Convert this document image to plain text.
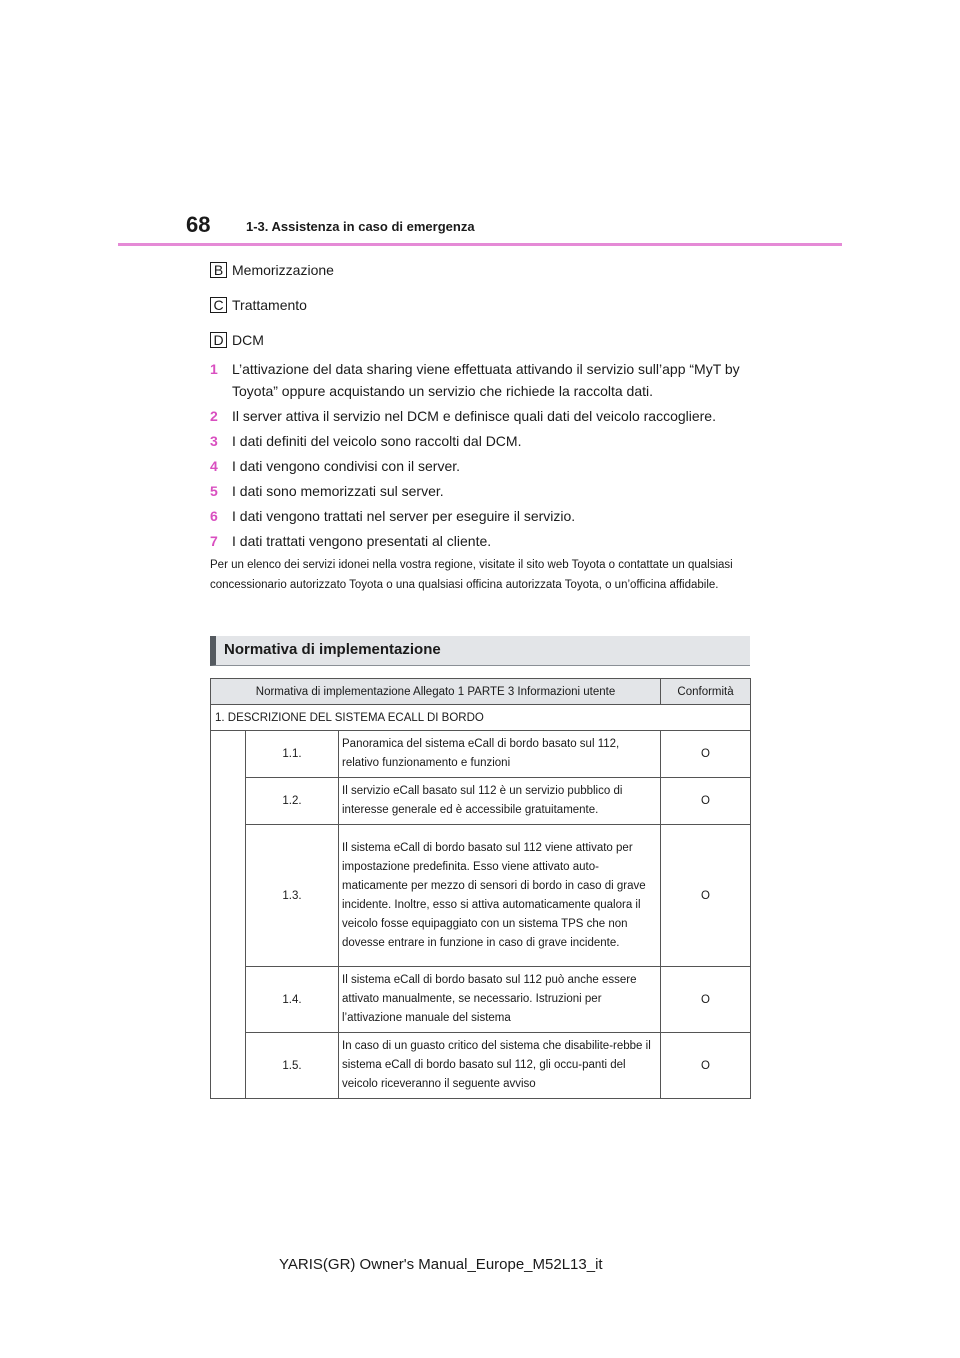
68	1-3. Assistenza in caso di emergenza
B Memorizzazione
C Trattamento
D DCM
1 L’attivazione del data sharing viene effettuata attivando il servizio sull’app “MyT by Toyota” oppure acquistando un servizio che richiede la raccolta dati.
2 Il server attiva il servizio nel DCM e definisce quali dati del veicolo raccogliere.
3 I dati definiti del veicolo sono raccolti dal DCM.
4 I dati vengono condivisi con il server.
5 I dati sono memorizzati sul server.
6 I dati vengono trattati nel server per eseguire il servizio.
7 I dati trattati vengono presentati al cliente.

Per un elenco dei servizi idonei nella vostra regione, visitate il sito web Toyota o contattate un qualsiasi concessionario autorizzato Toyota o una qualsiasi officina autorizzata Toyota, o un’officina affidabile.

Normativa di implementazione
Normativa di implementazione Allegato 1 PARTE 3 Informazioni utente			Conformità
1. DESCRIZIONE DEL SISTEMA ECALL DI BORDO			
	1.1.	Panoramica del sistema eCall di bordo basato sul 112, relativo funzionamento e funzioni	O
	1.2.	Il servizio eCall basato sul 112 è un servizio pubblico di interesse generale ed è accessibile gratuitamente.	O
	1.3.	Il sistema eCall di bordo basato sul 112 viene attivato per impostazione predefinita. Esso viene attivato auto-maticamente per mezzo di sensori di bordo in caso di grave incidente. Inoltre, esso si attiva automaticamente qualora il veicolo fosse equipaggiato con un sistema TPS che non dovesse entrare in funzione in caso di grave incidente.	O
	1.4.	Il sistema eCall di bordo basato sul 112 può anche essere attivato manualmente, se necessario. Istruzioni per l’attivazione manuale del sistema	O
	1.5.	In caso di un guasto critico del sistema che disabilite-rebbe il sistema eCall di bordo basato sul 112, gli occu-panti del veicolo riceveranno il seguente avviso	O
YARIS(GR) Owner's Manual_Europe_M52L13_it
